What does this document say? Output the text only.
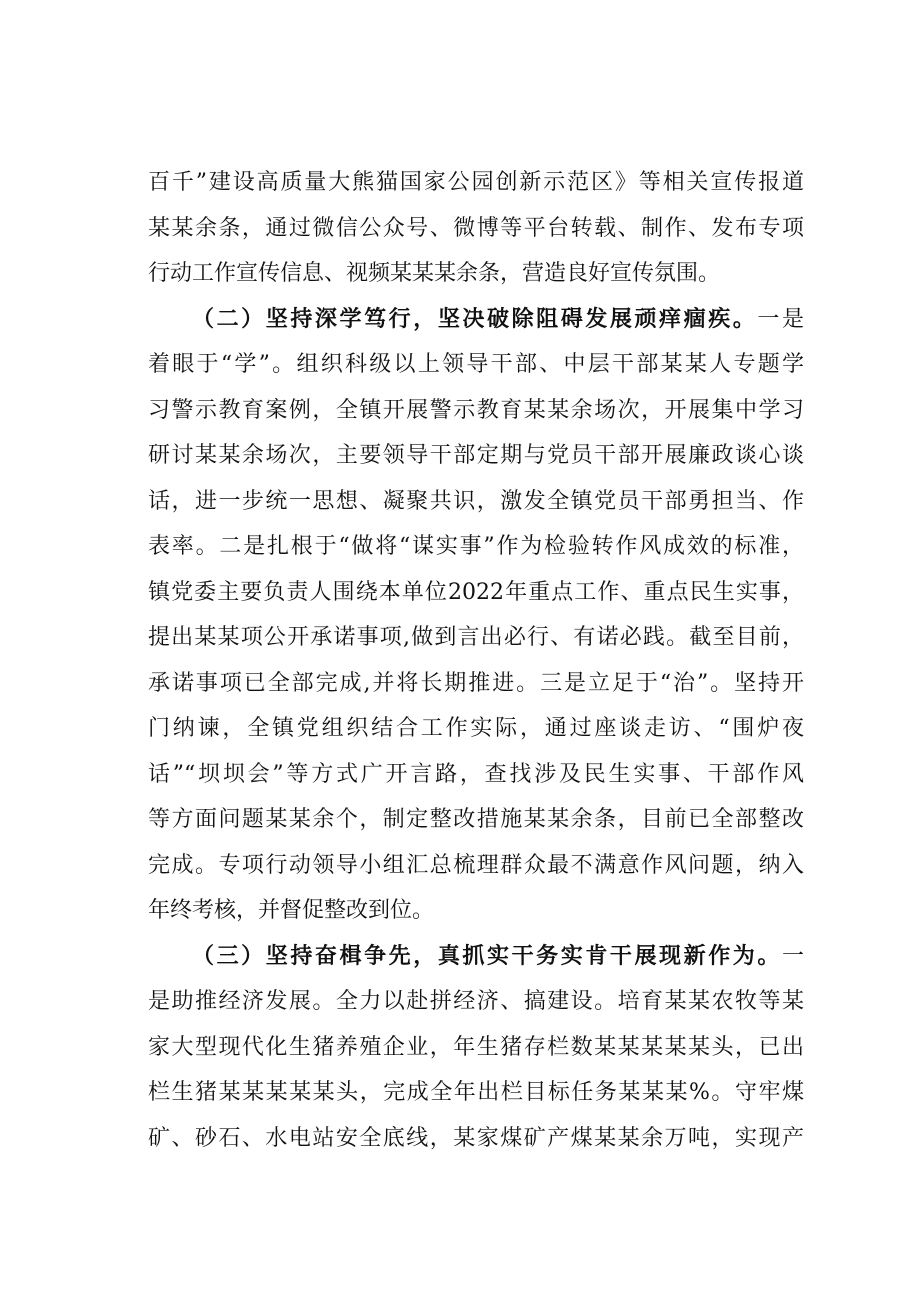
百千”建设高质量大熊猫国家公园创新示范区》等相关宣传报道
某某余条，通过微信公众号、微博等平台转载、制作、发布专项
行动工作宣传信息、视频某某某余条，营造良好宣传氛围。
（二）坚持深学笃行，坚决破除阻碍发展顽痒痼疾。一是
着眼于“学”。组织科级以上领导干部、中层干部某某人专题学
习警示教育案例，全镇开展警示教育某某余场次，开展集中学习
研讨某某余场次，主要领导干部定期与党员干部开展廉政谈心谈
话，进一步统一思想、凝聚共识，激发全镇党员干部勇担当、作
表率。二是扎根于“做将“谋实事”作为检验转作风成效的标准，
镇党委主要负责人围绕本单位2022年重点工作、重点民生实事，
提出某某项公开承诺事项,做到言出必行、有诺必践。截至目前，
承诺事项已全部完成,并将长期推进。三是立足于“治”。坚持开
门纳谏，全镇党组织结合工作实际，通过座谈走访、“围炉夜
话”“坝坝会”等方式广开言路，查找涉及民生实事、干部作风
等方面问题某某余个，制定整改措施某某余条，目前已全部整改
完成。专项行动领导小组汇总梳理群众最不满意作风问题，纳入
年终考核，并督促整改到位。
（三）坚持奋楫争先，真抓实干务实肯干展现新作为。一
是助推经济发展。全力以赴拼经济、搞建设。培育某某农牧等某
家大型现代化生猪养殖企业，年生猪存栏数某某某某某头，已出
栏生猪某某某某某头，完成全年出栏目标任务某某某%。守牢煤
矿、砂石、水电站安全底线，某家煤矿产煤某某余万吨，实现产
